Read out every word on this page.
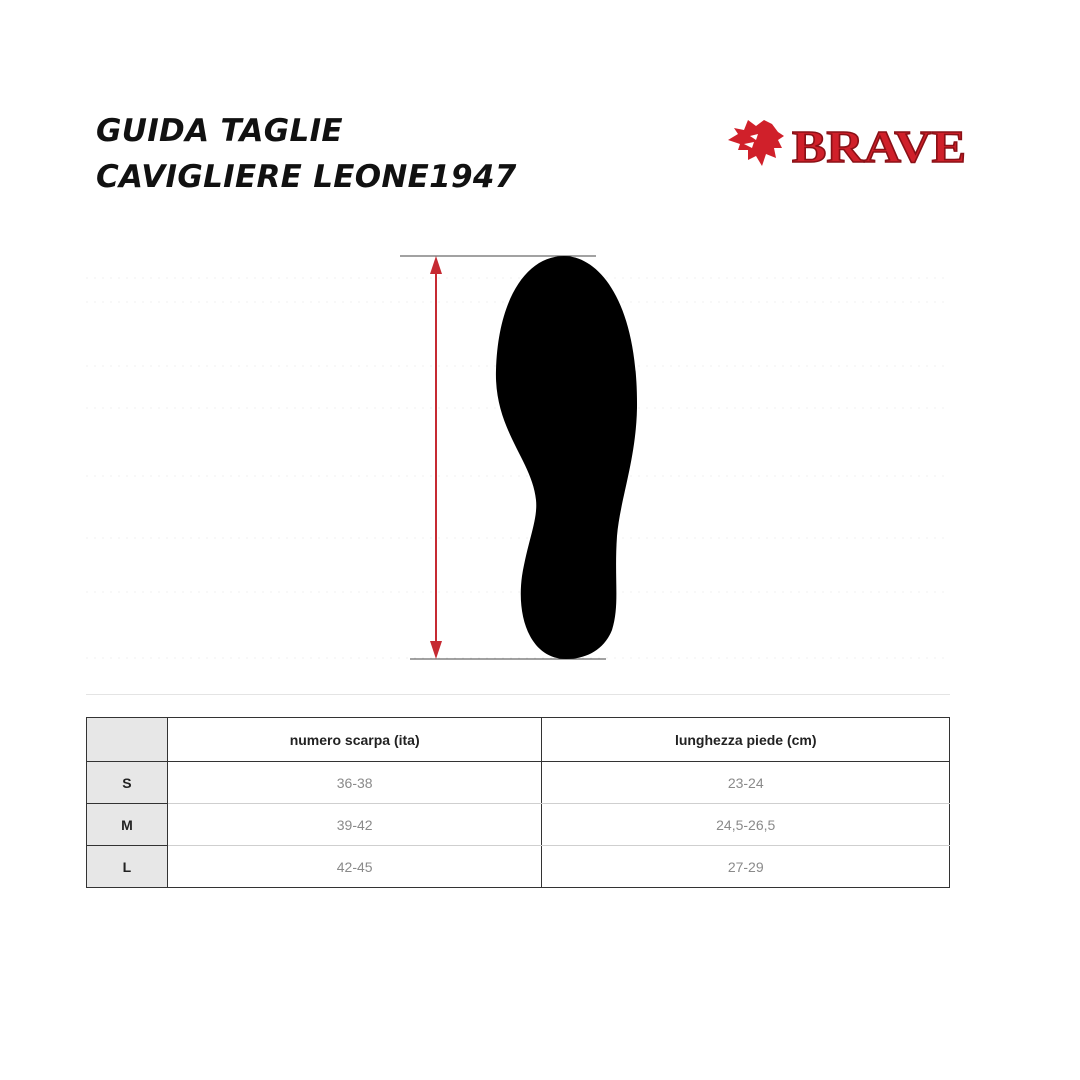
GUIDA TAGLIE
CAVIGLIERE LEONE1947
BRAVE
	numero scarpa (ita)	lunghezza piede (cm)
S	36-38	23-24
M	39-42	24,5-26,5
L	42-45	27-29
